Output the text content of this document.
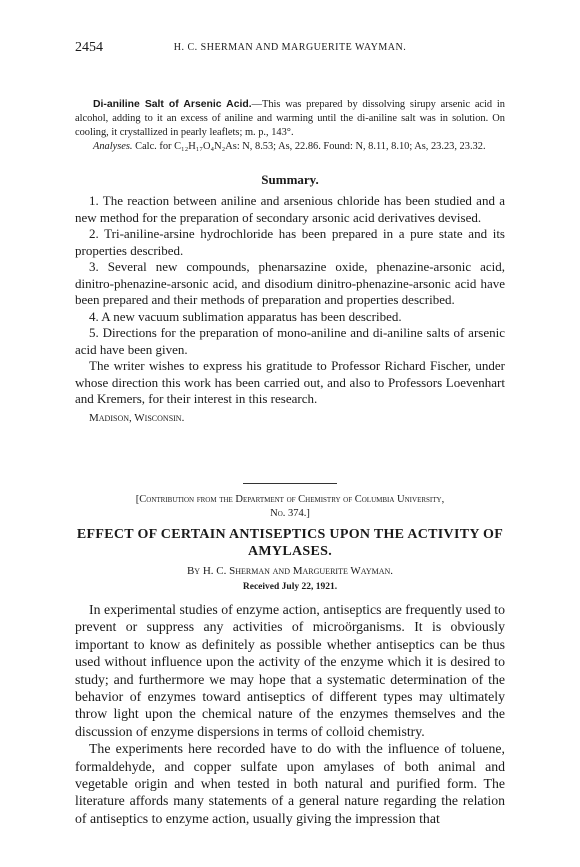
2454	H. C. SHERMAN AND MARGUERITE WAYMAN.

Di-aniline Salt of Arsenic Acid.—This was prepared by dissolving sirupy arsenic acid in alcohol, adding to it an excess of aniline and warming until the di-aniline salt was in solution. On cooling, it crystallized in pearly leaflets; m. p., 143°.

Analyses. Calc. for C₁₂H₁₇O₄N₂As: N, 8.53; As, 22.86. Found: N, 8.11, 8.10; As, 23.23, 23.32.

Summary.

1. The reaction between aniline and arsenious chloride has been studied and a new method for the preparation of secondary arsonic acid derivatives devised.

2. Tri-aniline-arsine hydrochloride has been prepared in a pure state and its properties described.

3. Several new compounds, phenarsazine oxide, phenazine-arsonic acid, dinitro-phenazine-arsonic acid, and disodium dinitro-phenazine-arsonic acid have been prepared and their methods of preparation and properties described.

4. A new vacuum sublimation apparatus has been described.

5. Directions for the preparation of mono-aniline and di-aniline salts of arsenic acid have been given.

The writer wishes to express his gratitude to Professor Richard Fischer, under whose direction this work has been carried out, and also to Professors Loevenhart and Kremers, for their interest in this research.

Madison, Wisconsin.

[Contribution from the Department of Chemistry of Columbia University,
No. 374.]
EFFECT OF CERTAIN ANTISEPTICS UPON THE ACTIVITY OF
AMYLASES.
By H. C. Sherman and Marguerite Wayman.
Received July 22, 1921.

In experimental studies of enzyme action, antiseptics are frequently used to prevent or suppress any activities of microörganisms. It is obviously important to know as definitely as possible whether antiseptics can be thus used without influence upon the activity of the enzyme which it is desired to study; and furthermore we may hope that a systematic determination of the behavior of enzymes toward antiseptics of different types may ultimately throw light upon the chemical nature of the enzymes themselves and the discussion of enzyme dispersions in terms of colloid chemistry.

The experiments here recorded have to do with the influence of toluene, formaldehyde, and copper sulfate upon amylases of both animal and vegetable origin and when tested in both natural and purified form. The literature affords many statements of a general nature regarding the relation of antiseptics to enzyme action, usually giving the impression that
